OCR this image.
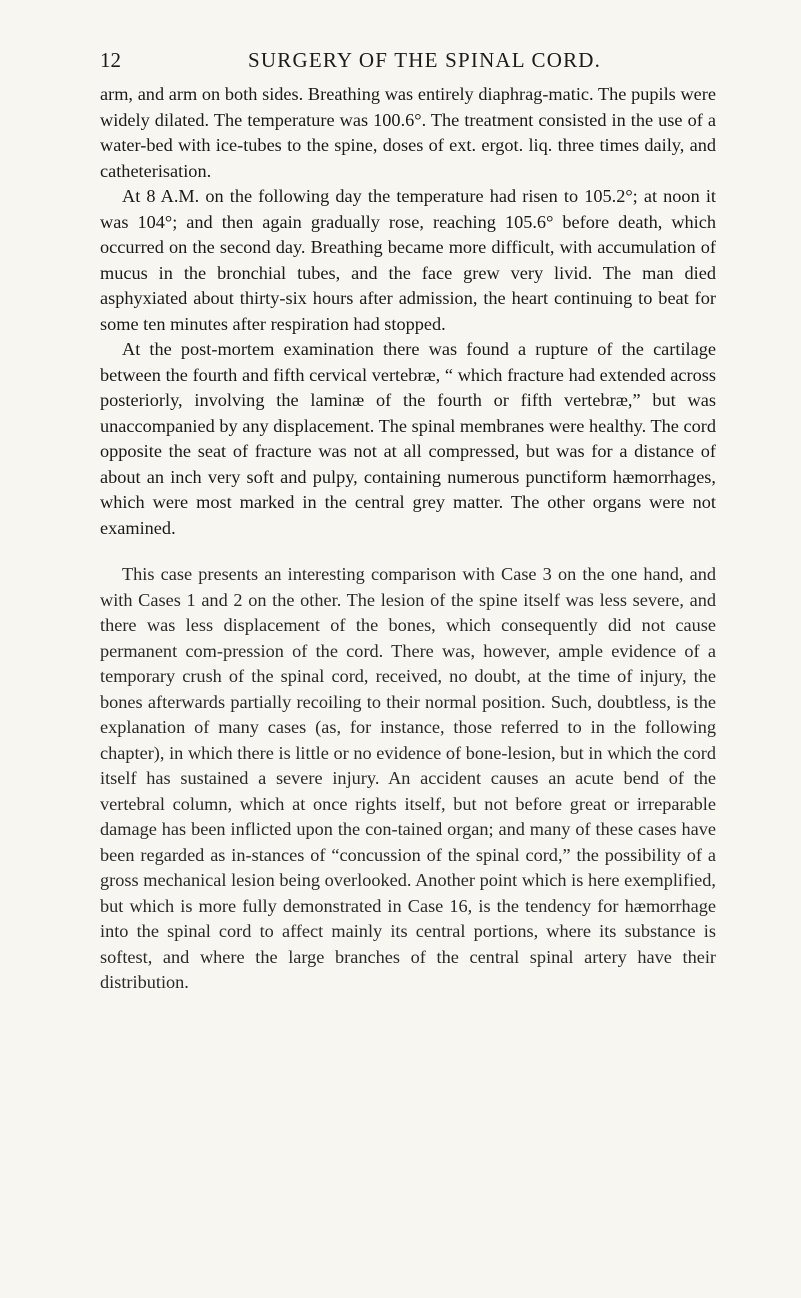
12	SURGERY OF THE SPINAL CORD.

arm, and arm on both sides. Breathing was entirely diaphrag-matic. The pupils were widely dilated. The temperature was 100.6°. The treatment consisted in the use of a water-bed with ice-tubes to the spine, doses of ext. ergot. liq. three times daily, and catheterisation.

At 8 A.M. on the following day the temperature had risen to 105.2°; at noon it was 104°; and then again gradually rose, reaching 105.6° before death, which occurred on the second day. Breathing became more difficult, with accumulation of mucus in the bronchial tubes, and the face grew very livid. The man died asphyxiated about thirty-six hours after admission, the heart continuing to beat for some ten minutes after respiration had stopped.

At the post-mortem examination there was found a rupture of the cartilage between the fourth and fifth cervical vertebræ, “ which fracture had extended across posteriorly, involving the laminæ of the fourth or fifth vertebræ,” but was unaccompanied by any displacement. The spinal membranes were healthy. The cord opposite the seat of fracture was not at all compressed, but was for a distance of about an inch very soft and pulpy, containing numerous punctiform hæmorrhages, which were most marked in the central grey matter. The other organs were not examined.

This case presents an interesting comparison with Case 3 on the one hand, and with Cases 1 and 2 on the other. The lesion of the spine itself was less severe, and there was less displacement of the bones, which consequently did not cause permanent com-pression of the cord. There was, however, ample evidence of a temporary crush of the spinal cord, received, no doubt, at the time of injury, the bones afterwards partially recoiling to their normal position. Such, doubtless, is the explanation of many cases (as, for instance, those referred to in the following chapter), in which there is little or no evidence of bone-lesion, but in which the cord itself has sustained a severe injury. An accident causes an acute bend of the vertebral column, which at once rights itself, but not before great or irreparable damage has been inflicted upon the con-tained organ; and many of these cases have been regarded as in-stances of “concussion of the spinal cord,” the possibility of a gross mechanical lesion being overlooked. Another point which is here exemplified, but which is more fully demonstrated in Case 16, is the tendency for hæmorrhage into the spinal cord to affect mainly its central portions, where its substance is softest, and where the large branches of the central spinal artery have their distribution.
